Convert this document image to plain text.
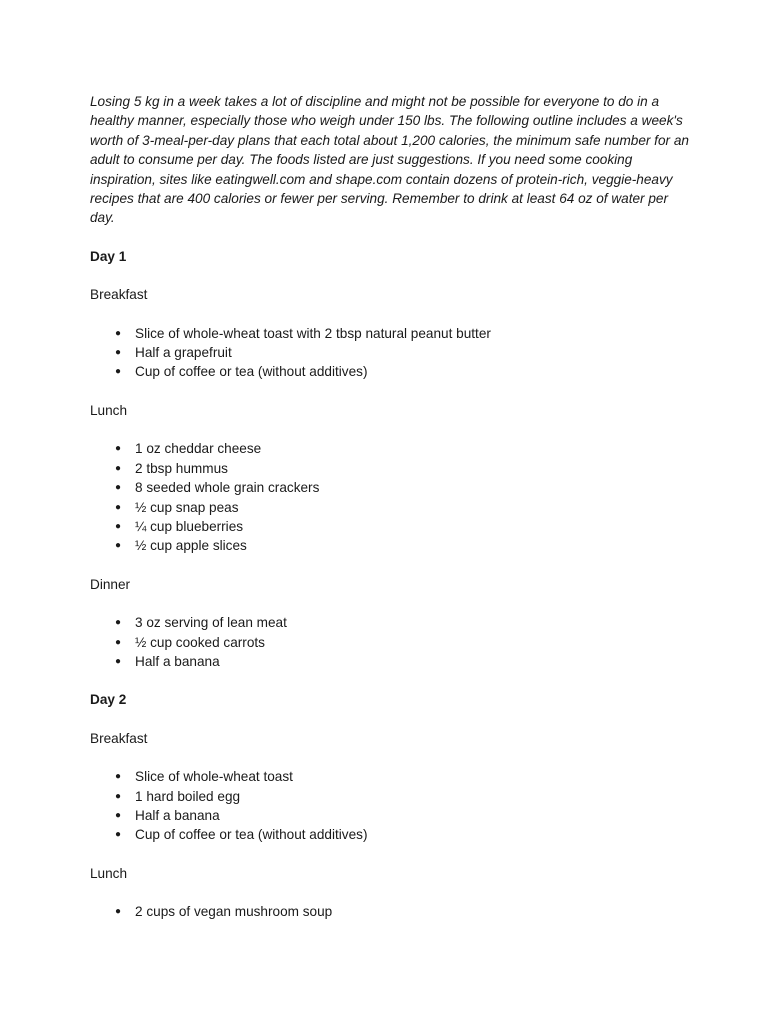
Losing 5 kg in a week takes a lot of discipline and might not be possible for everyone to do in a healthy manner, especially those who weigh under 150 lbs. The following outline includes a week's worth of 3-meal-per-day plans that each total about 1,200 calories, the minimum safe number for an adult to consume per day. The foods listed are just suggestions. If you need some cooking inspiration, sites like eatingwell.com and shape.com contain dozens of protein-rich, veggie-heavy recipes that are 400 calories or fewer per serving. Remember to drink at least 64 oz of water per day.

Day 1
Breakfast
● Slice of whole-wheat toast with 2 tbsp natural peanut butter
● Half a grapefruit
● Cup of coffee or tea (without additives)
Lunch
● 1 oz cheddar cheese
● 2 tbsp hummus
● 8 seeded whole grain crackers
● ½ cup snap peas
● ¼ cup blueberries
● ½ cup apple slices
Dinner
● 3 oz serving of lean meat
● ½ cup cooked carrots
● Half a banana
Day 2
Breakfast
● Slice of whole-wheat toast
● 1 hard boiled egg
● Half a banana
● Cup of coffee or tea (without additives)
Lunch
● 2 cups of vegan mushroom soup
